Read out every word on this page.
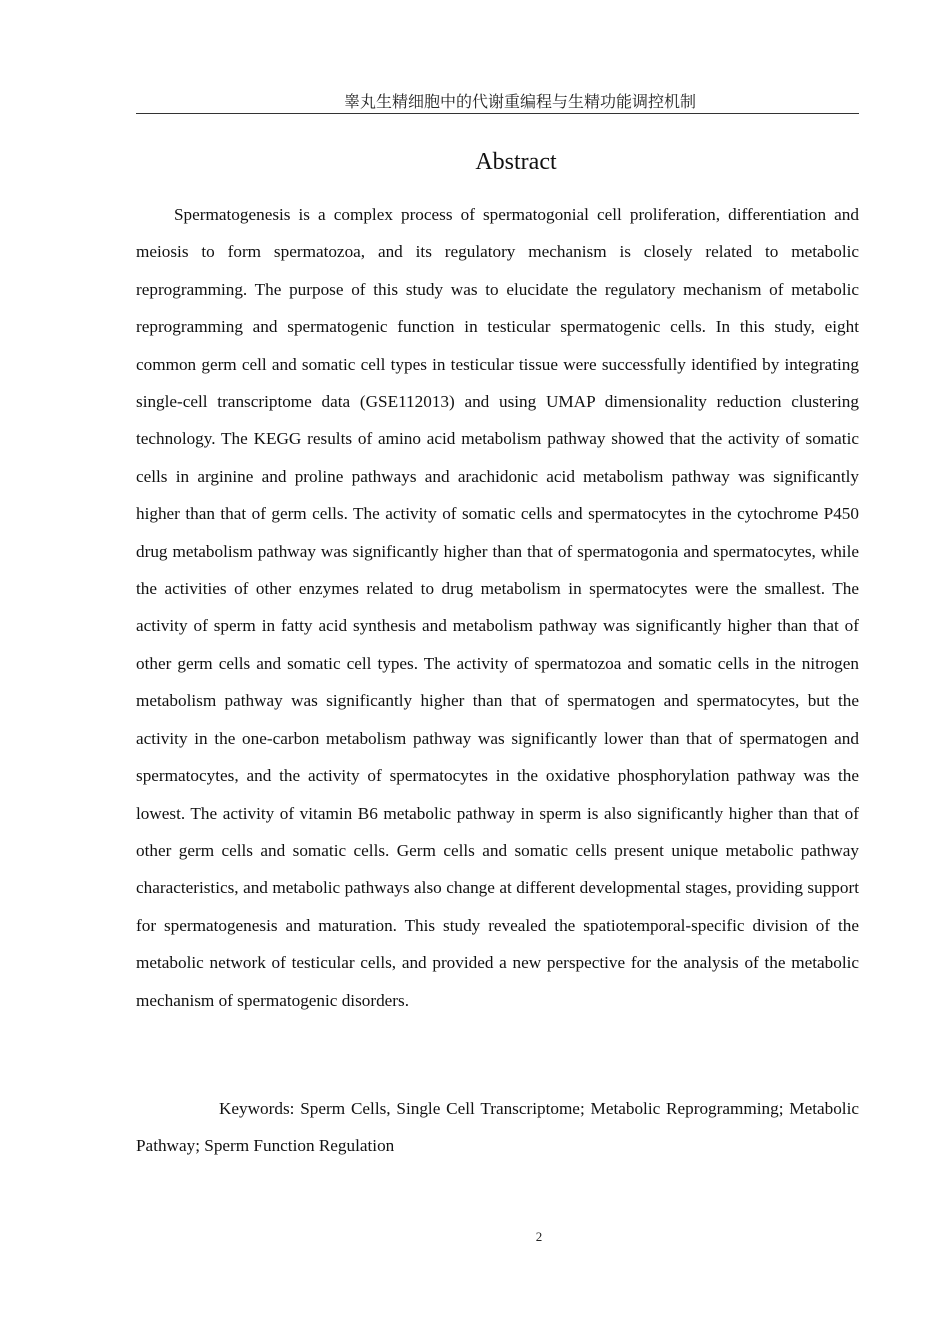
睾丸生精细胞中的代谢重编程与生精功能调控机制
Abstract

Spermatogenesis is a complex process of spermatogonial cell proliferation, differentiation and meiosis to form spermatozoa, and its regulatory mechanism is closely related to metabolic reprogramming. The purpose of this study was to elucidate the regulatory mechanism of metabolic reprogramming and spermatogenic function in testicular spermatogenic cells. In this study, eight common germ cell and somatic cell types in testicular tissue were successfully identified by integrating single-cell transcriptome data (GSE112013) and using UMAP dimensionality reduction clustering technology. The KEGG results of amino acid metabolism pathway showed that the activity of somatic cells in arginine and proline pathways and arachidonic acid metabolism pathway was significantly higher than that of germ cells. The activity of somatic cells and spermatocytes in the cytochrome P450 drug metabolism pathway was significantly higher than that of spermatogonia and spermatocytes, while the activities of other enzymes related to drug metabolism in spermatocytes were the smallest. The activity of sperm in fatty acid synthesis and metabolism pathway was significantly higher than that of other germ cells and somatic cell types. The activity of spermatozoa and somatic cells in the nitrogen metabolism pathway was significantly higher than that of spermatogen and spermatocytes, but the activity in the one-carbon metabolism pathway was significantly lower than that of spermatogen and spermatocytes, and the activity of spermatocytes in the oxidative phosphorylation pathway was the lowest. The activity of vitamin B6 metabolic pathway in sperm is also significantly higher than that of other germ cells and somatic cells. Germ cells and somatic cells present unique metabolic pathway characteristics, and metabolic pathways also change at different developmental stages, providing support for spermatogenesis and maturation. This study revealed the spatiotemporal-specific division of the metabolic network of testicular cells, and provided a new perspective for the analysis of the metabolic mechanism of spermatogenic disorders.

Keywords: Sperm Cells, Single Cell Transcriptome; Metabolic Reprogramming; Metabolic Pathway; Sperm Function Regulation

2
